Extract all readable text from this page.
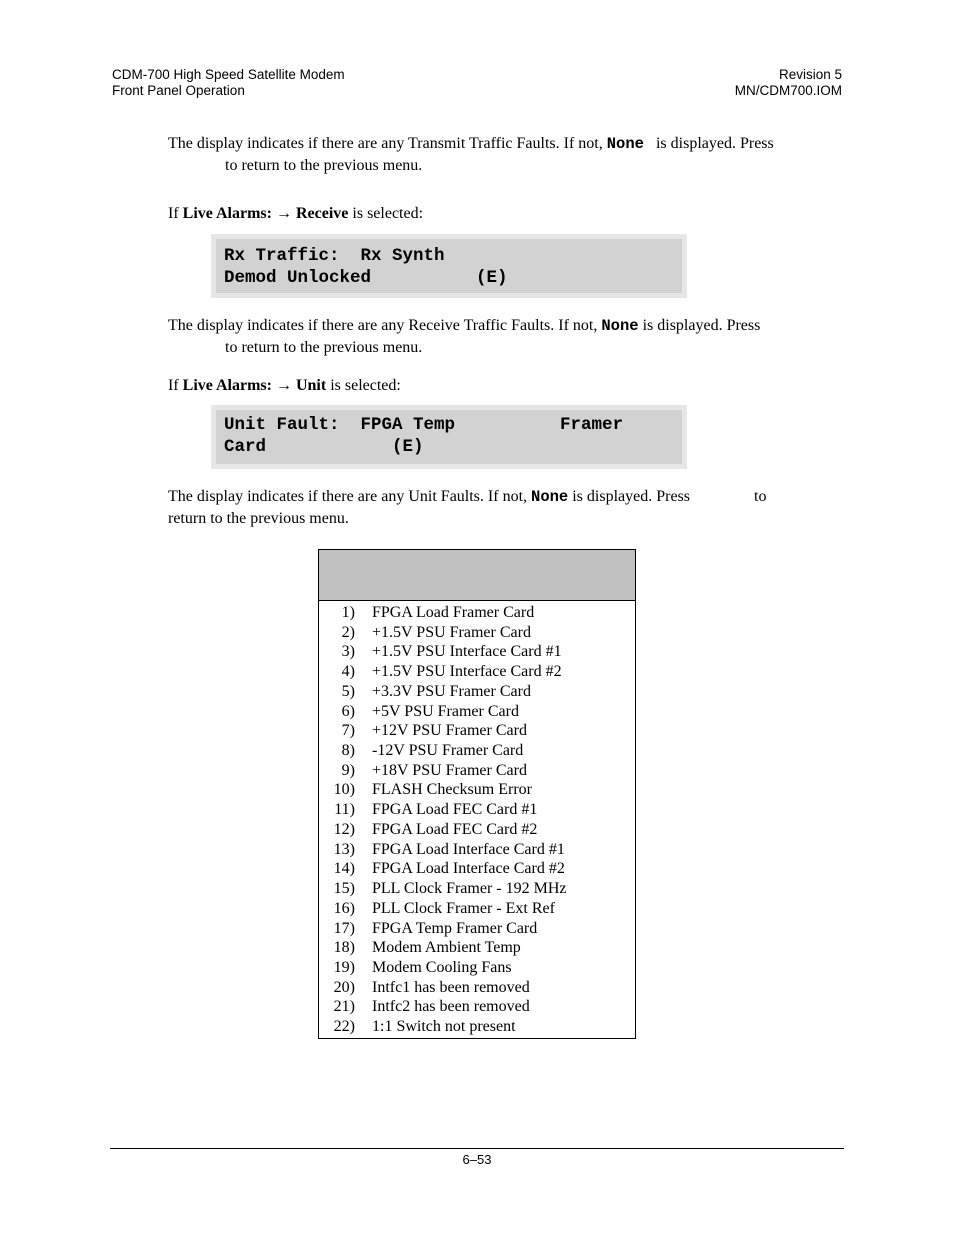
CDM-700 High Speed Satellite Modem
Front Panel Operation
Revision 5
MN/CDM700.IOM
The display indicates if there are any Transmit Traffic Faults. If not, None is displayed. Press
to return to the previous menu.
If Live Alarms: → Receive is selected:
Rx Traffic:  Rx Synth
Demod Unlocked          (E)
The display indicates if there are any Receive Traffic Faults. If not, None is displayed. Press
to return to the previous menu.
If Live Alarms: → Unit is selected:
Unit Fault:  FPGA Temp          Framer
Card            (E)
The display indicates if there are any Unit Faults. If not, None is displayed. Press	to
return to the previous menu.
1) FPGA Load Framer Card
2) +1.5V PSU Framer Card
3) +1.5V PSU Interface Card #1
4) +1.5V PSU Interface Card #2
5) +3.3V PSU Framer Card
6) +5V PSU Framer Card
7) +12V PSU Framer Card
8) -12V PSU Framer Card
9) +18V PSU Framer Card
10) FLASH Checksum Error
11) FPGA Load FEC Card #1
12) FPGA Load FEC Card #2
13) FPGA Load Interface Card #1
14) FPGA Load Interface Card #2
15) PLL Clock Framer - 192 MHz
16) PLL Clock Framer - Ext Ref
17) FPGA Temp Framer Card
18) Modem Ambient Temp
19) Modem Cooling Fans
20) Intfc1 has been removed
21) Intfc2 has been removed
22) 1:1 Switch not present
6–53
